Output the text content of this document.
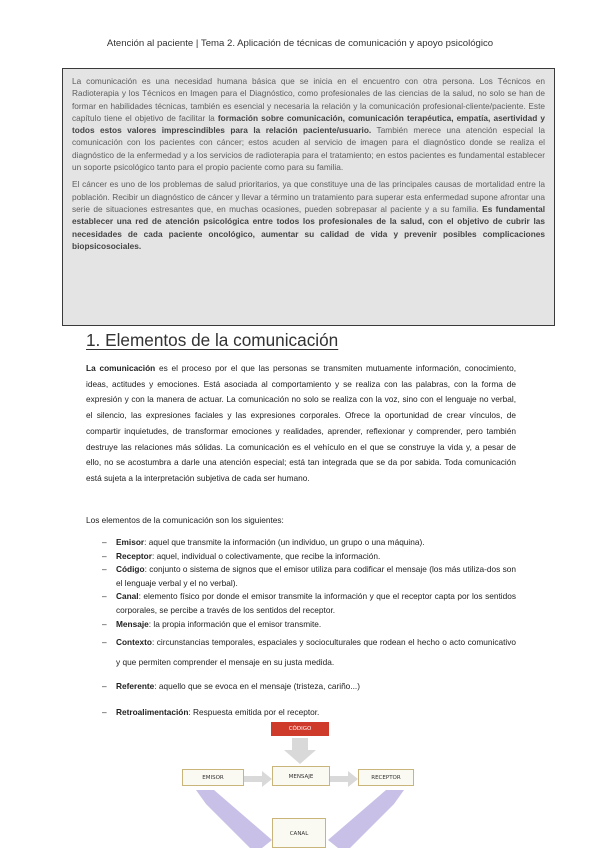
Atención al paciente | Tema 2. Aplicación de técnicas de comunicación y apoyo psicológico

La comunicación es una necesidad humana básica que se inicia en el encuentro con otra persona. Los Técnicos en Radioterapia y los Técnicos en Imagen para el Diagnóstico, como profesionales de las ciencias de la salud, no solo se han de formar en habilidades técnicas, también es esencial y necesaria la relación y la comunicación profesional-cliente/paciente. Este capítulo tiene el objetivo de facilitar la formación sobre comunicación, comunicación terapéutica, empatía, asertividad y todos estos valores imprescindibles para la relación paciente/usuario. También merece una atención especial la comunicación con los pacientes con cáncer; estos acuden al servicio de imagen para el diagnóstico donde se realiza el diagnóstico de la enfermedad y a los servicios de radioterapia para el tratamiento; en estos pacientes es fundamental establecer un soporte psicológico tanto para el propio paciente como para su familia.

El cáncer es uno de los problemas de salud prioritarios, ya que constituye una de las principales causas de mortalidad entre la población. Recibir un diagnóstico de cáncer y llevar a término un tratamiento para superar esta enfermedad supone afrontar una serie de situaciones estresantes que, en muchas ocasiones, pueden sobrepasar al paciente y a su familia. Es fundamental establecer una red de atención psicológica entre todos los profesionales de la salud, con el objetivo de cubrir las necesidades de cada paciente oncológico, aumentar su calidad de vida y prevenir posibles complicaciones biopsicosociales.

1. Elementos de la comunicación
La comunicación es el proceso por el que las personas se transmiten mutuamente información, conocimiento, ideas, actitudes y emociones. Está asociada al comportamiento y se realiza con las palabras, con la forma de expresión y con la manera de actuar. La comunicación no solo se realiza con la voz, sino con el lenguaje no verbal, el silencio, las expresiones faciales y las expresiones corporales. Ofrece la oportunidad de crear vínculos, de compartir inquietudes, de transformar emociones y realidades, aprender, reflexionar y comprender, pero también destruye las relaciones más sólidas. La comunicación es el vehículo en el que se construye la vida y, a pesar de ello, no se acostumbra a darle una atención especial; está tan integrada que se da por sabida. Toda comunicación está sujeta a la interpretación subjetiva de cada ser humano.
Los elementos de la comunicación son los siguientes:
– Emisor: aquel que transmite la información (un individuo, un grupo o una máquina).
– Receptor: aquel, individual o colectivamente, que recibe la información.
– Código: conjunto o sistema de signos que el emisor utiliza para codificar el mensaje (los más utiliza-dos son el lenguaje verbal y el no verbal).
– Canal: elemento físico por donde el emisor transmite la información y que el receptor capta por los sentidos corporales, se percibe a través de los sentidos del receptor.
– Mensaje: la propia información que el emisor transmite.
– Contexto: circunstancias temporales, espaciales y socioculturales que rodean el hecho o acto comunicativo y que permiten comprender el mensaje en su justa medida.
– Referente: aquello que se evoca en el mensaje (tristeza, cariño...)
– Retroalimentación: Respuesta emitida por el receptor.
CÓDIGO
EMISOR	MENSAJE	RECEPTOR
CANAL
